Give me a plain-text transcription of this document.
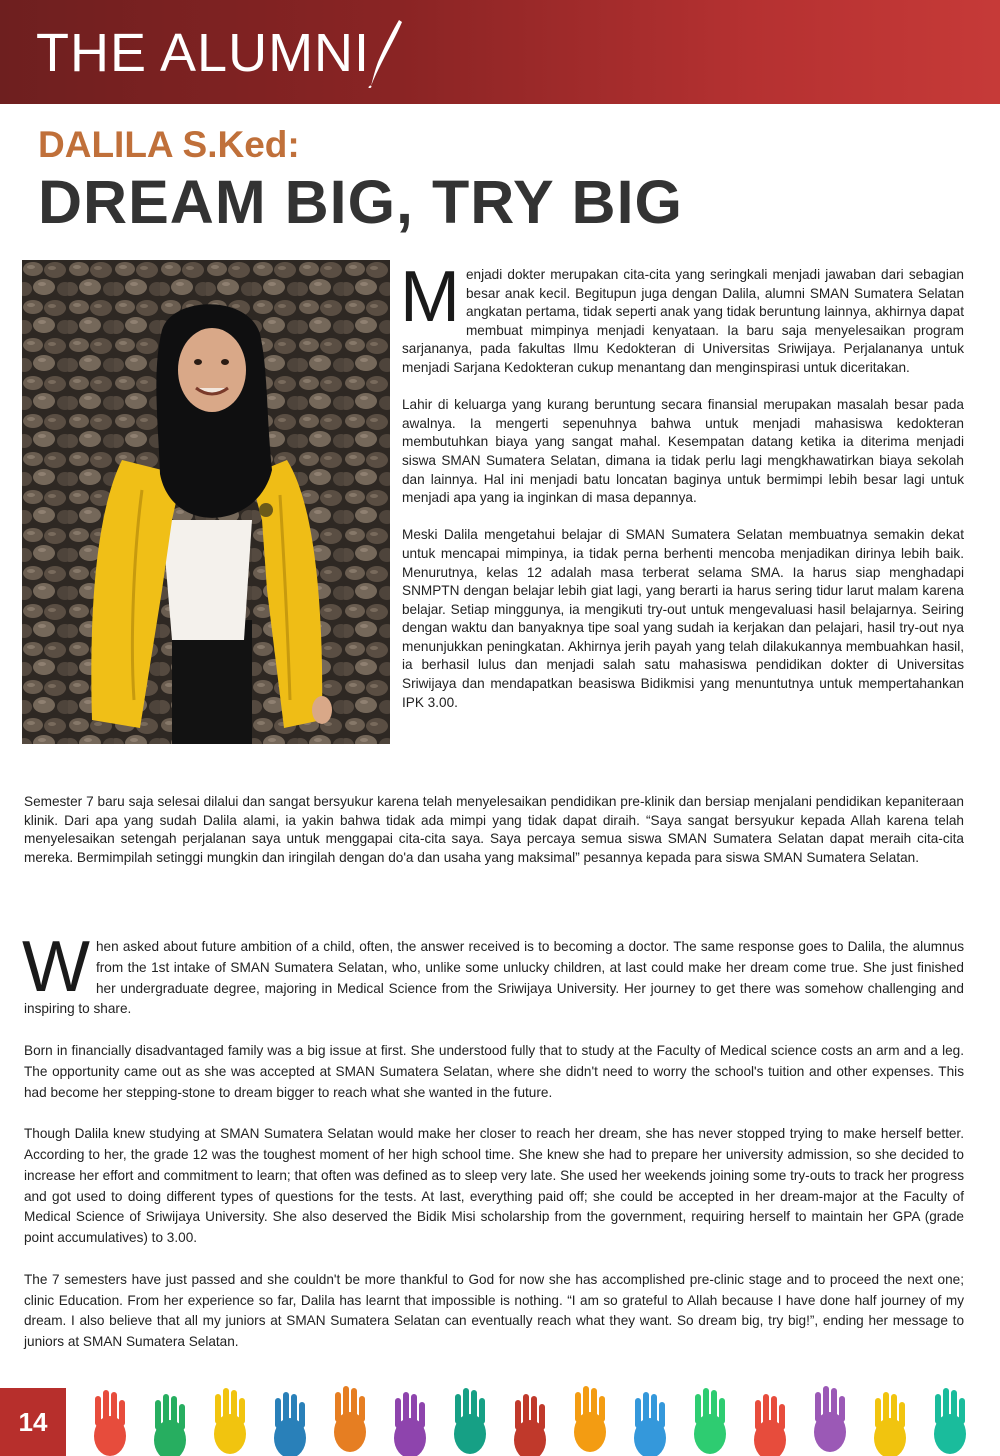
THE ALUMNI
DALILA S.Ked:
DREAM BIG, TRY BIG

Menjadi dokter merupakan cita-cita yang seringkali menjadi jawaban dari sebagian besar anak kecil. Begitupun juga dengan Dalila, alumni SMAN Sumatera Selatan angkatan pertama, tidak seperti anak yang tidak beruntung lainnya, akhirnya dapat membuat mimpinya menjadi kenyataan. Ia baru saja menyelesaikan program sarjananya, pada fakultas Ilmu Kedokteran di Universitas Sriwijaya. Perjalananya untuk menjadi Sarjana Kedokteran cukup menantang dan menginspirasi untuk diceritakan.

Lahir di keluarga yang kurang beruntung secara finansial merupakan masalah besar pada awalnya. Ia mengerti sepenuhnya bahwa untuk menjadi mahasiswa kedokteran membutuhkan biaya yang sangat mahal. Kesempatan datang ketika ia diterima menjadi siswa SMAN Sumatera Selatan, dimana ia tidak perlu lagi mengkhawatirkan biaya sekolah dan lainnya. Hal ini menjadi batu loncatan baginya untuk bermimpi lebih besar lagi untuk menjadi apa yang ia inginkan di masa depannya.

Meski Dalila mengetahui belajar di SMAN Sumatera Selatan membuatnya semakin dekat untuk mencapai mimpinya, ia tidak perna berhenti mencoba menjadikan dirinya lebih baik. Menurutnya, kelas 12 adalah masa terberat selama SMA. Ia harus siap menghadapi SNMPTN dengan belajar lebih giat lagi, yang berarti ia harus sering tidur larut malam karena belajar. Setiap minggunya, ia mengikuti try-out untuk mengevaluasi hasil belajarnya. Seiring dengan waktu dan banyaknya tipe soal yang sudah ia kerjakan dan pelajari, hasil try-out nya menunjukkan peningkatan. Akhirnya jerih payah yang telah dilakukannya membuahkan hasil, ia berhasil lulus dan menjadi salah satu mahasiswa pendidikan dokter di Universitas Sriwijaya dan mendapatkan beasiswa Bidikmisi yang menuntutnya untuk mempertahankan IPK 3.00.

Semester 7 baru saja selesai dilalui dan sangat bersyukur karena telah menyelesaikan pendidikan pre-klinik dan bersiap menjalani pendidikan kepaniteraan klinik. Dari apa yang sudah Dalila alami, ia yakin bahwa tidak ada mimpi yang tidak dapat diraih. “Saya sangat bersyukur kepada Allah karena telah menyelesaikan setengah perjalanan saya untuk menggapai cita-cita saya. Saya percaya semua siswa SMAN Sumatera Selatan dapat meraih cita-cita mereka. Bermimpilah setinggi mungkin dan iringilah dengan do'a dan usaha yang maksimal” pesannya kepada para siswa SMAN Sumatera Selatan.

When asked about future ambition of a child, often, the answer received is to becoming a doctor. The same response goes to Dalila, the alumnus from the 1st intake of SMAN Sumatera Selatan, who, unlike some unlucky children, at last could make her dream come true. She just finished her undergraduate degree, majoring in Medical Science from the Sriwijaya University. Her journey to get there was somehow challenging and inspiring to share.

Born in financially disadvantaged family was a big issue at first. She understood fully that to study at the Faculty of Medical science costs an arm and a leg. The opportunity came out as she was accepted at SMAN Sumatera Selatan, where she didn't need to worry the school's tuition and other expenses. This had become her stepping-stone to dream bigger to reach what she wanted in the future.

Though Dalila knew studying at SMAN Sumatera Selatan would make her closer to reach her dream, she has never stopped trying to make herself better. According to her, the grade 12 was the toughest moment of her high school time. She knew she had to prepare her university admission, so she decided to increase her effort and commitment to learn; that often was defined as to sleep very late. She used her weekends joining some try-outs to track her progress and got used to doing different types of questions for the tests. At last, everything paid off; she could be accepted in her dream-major at the Faculty of Medical Science of Sriwijaya University. She also deserved the Bidik Misi scholarship from the government, requiring herself to maintain her GPA (grade point accumulatives) to 3.00.

The 7 semesters have just passed and she couldn't be more thankful to God for now she has accomplished pre-clinic stage and to proceed the next one; clinic Education. From her experience so far, Dalila has learnt that impossible is nothing. “I am so grateful to Allah because I have done half journey of my dream. I also believe that all my juniors at SMAN Sumatera Selatan can eventually reach what they want. So dream big, try big!”, ending her message to juniors at SMAN Sumatera Selatan.

14
